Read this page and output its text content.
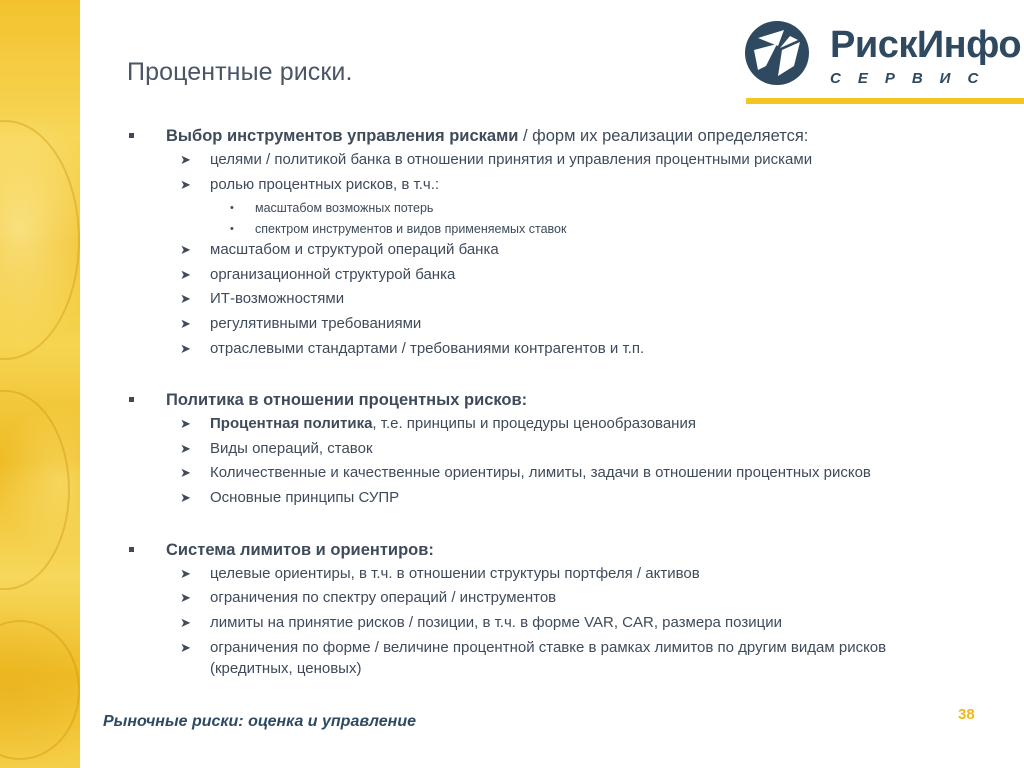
Процентные риски.
РискИнфо
СЕРВИС
Выбор инструментов управления рисками / форм их реализации определяется:
➤ целями / политикой банка в отношении принятия и управления процентными рисками
➤ ролью процентных рисков, в т.ч.:
• масштабом возможных потерь
• спектром инструментов и видов применяемых ставок
➤ масштабом и структурой операций банка
➤ организационной структурой банка
➤ ИТ-возможностями
➤ регулятивными требованиями
➤ отраслевыми стандартами / требованиями контрагентов и т.п.
Политика в отношении процентных рисков:
➤ Процентная политика, т.е. принципы и процедуры ценообразования
➤ Виды операций, ставок
➤ Количественные и качественные ориентиры, лимиты, задачи в отношении процентных рисков
➤ Основные принципы СУПР
Система лимитов и ориентиров:
➤ целевые ориентиры, в т.ч. в отношении структуры портфеля / активов
➤ ограничения по спектру операций / инструментов
➤ лимиты на принятие рисков / позиции, в т.ч. в форме VAR, CAR, размера позиции
➤ ограничения по форме / величине процентной ставке в рамках лимитов по другим видам рисков (кредитных, ценовых)
Рыночные риски: оценка и управление	38
